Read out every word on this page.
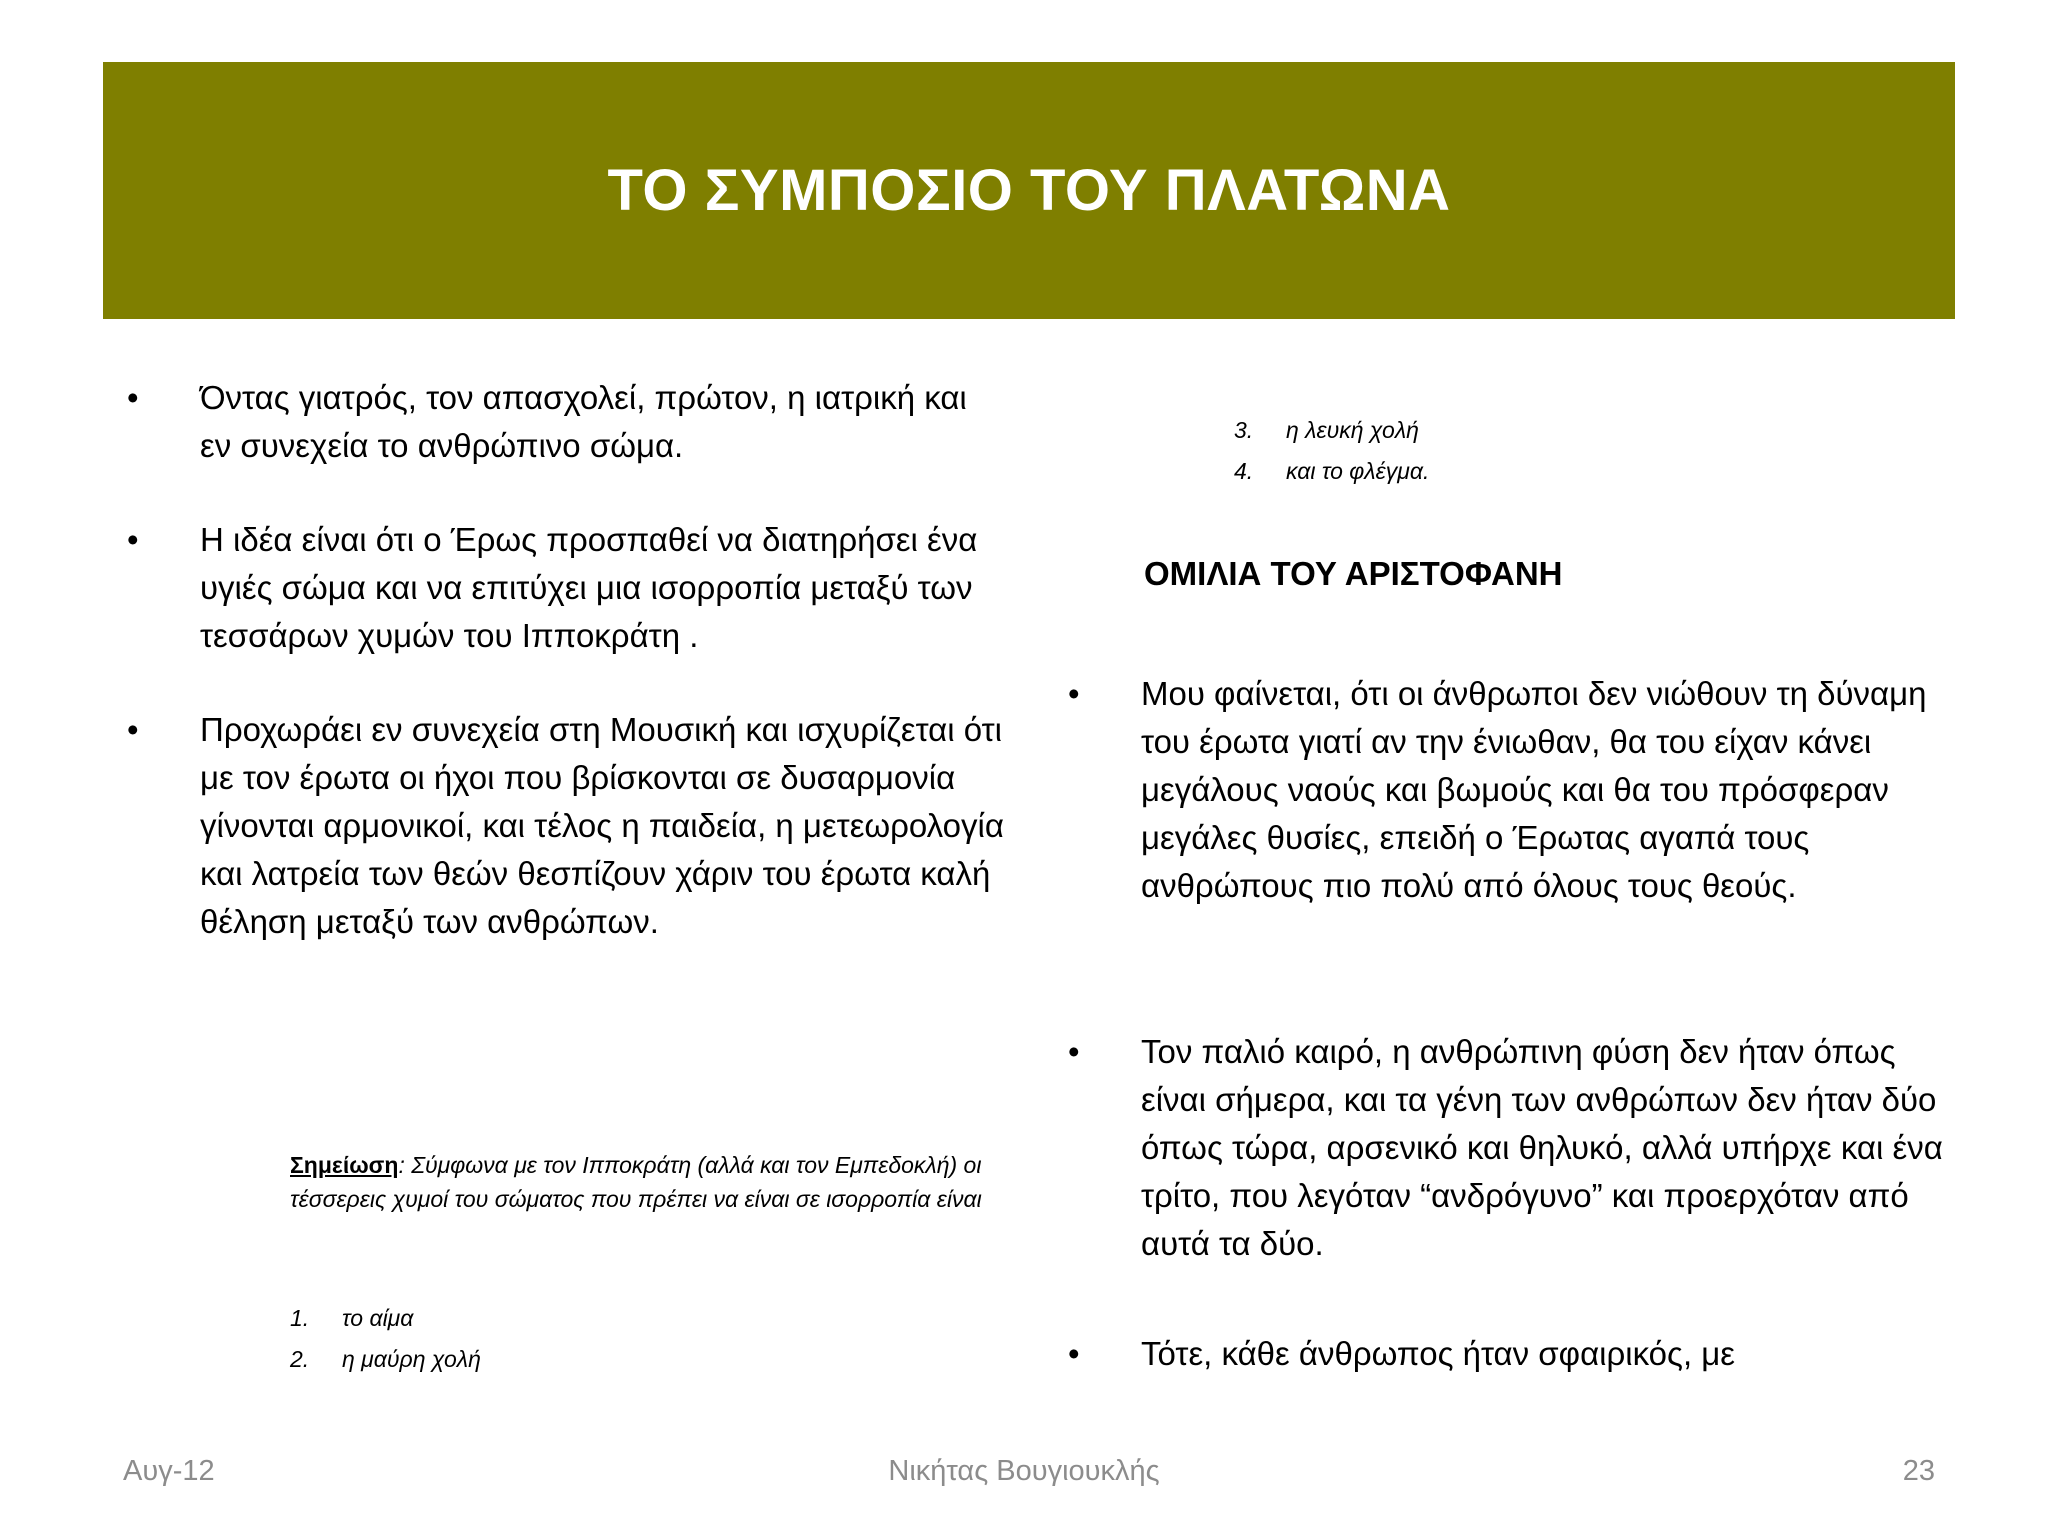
ΤΟ ΣΥΜΠΟΣΙΟ ΤΟΥ ΠΛΑΤΩΝΑ
• Όντας γιατρός, τον απασχολεί, πρώτον, η ιατρική και εν συνεχεία το ανθρώπινο σώμα.
• Η ιδέα είναι ότι ο Έρως προσπαθεί να διατηρήσει ένα υγιές σώμα και να επιτύχει μια ισορροπία μεταξύ των τεσσάρων χυμών του Ιπποκράτη .
• Προχωράει εν συνεχεία στη Μουσική και ισχυρίζεται ότι με τον έρωτα οι ήχοι που βρίσκονται σε δυσαρμονία γίνονται αρμονικοί, και τέλος η παιδεία, η μετεωρολογία και λατρεία των θεών θεσπίζουν χάριν του έρωτα καλή θέληση μεταξύ των ανθρώπων.

Σημείωση: Σύμφωνα με τον Ιπποκράτη (αλλά και τον Εμπεδοκλή) οι τέσσερεις χυμοί του σώματος που πρέπει να είναι σε ισορροπία είναι

1. το αίμα
2. η μαύρη χολή
3. η λευκή χολή
4. και το φλέγμα.
ΟΜΙΛΙΑ ΤΟΥ ΑΡΙΣΤΟΦΑΝΗ
• Μου φαίνεται, ότι οι άνθρωποι δεν νιώθουν τη δύναμη του έρωτα γιατί αν την ένιωθαν, θα του είχαν κάνει μεγάλους ναούς και βωμούς και θα του πρόσφεραν μεγάλες θυσίες, επειδή ο Έρωτας αγαπά τους ανθρώπους πιο πολύ από όλους τους θεούς.
• Τον παλιό καιρό, η ανθρώπινη φύση δεν ήταν όπως είναι σήμερα, και τα γένη των ανθρώπων δεν ήταν δύο όπως τώρα, αρσενικό και θηλυκό, αλλά υπήρχε και ένα τρίτο, που λεγόταν “ανδρόγυνο” και προερχόταν από αυτά τα δύο.
• Τότε, κάθε άνθρωπος ήταν σφαιρικός, με
Αυγ-12	Νικήτας Βουγιουκλής	23
